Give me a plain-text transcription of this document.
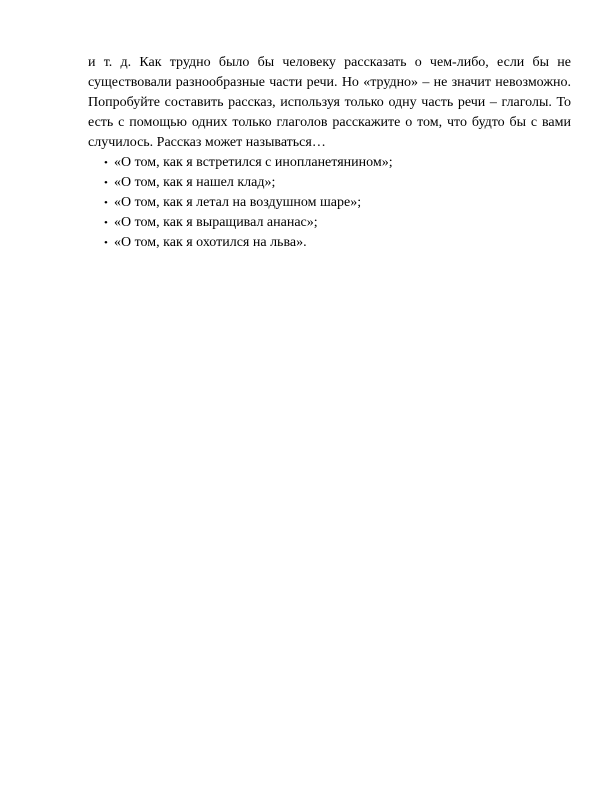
и т. д. Как трудно было бы человеку рассказать о чем-либо, если бы не существовали разнообразные части речи. Но «трудно» – не значит невозможно. Попробуйте составить рассказ, используя только одну часть речи – глаголы. То есть с помощью одних только глаголов расскажите о том, что будто бы с вами случилось. Рассказ может называться…

• «О том, как я встретился с инопланетянином»;
• «О том, как я нашел клад»;
• «О том, как я летал на воздушном шаре»;
• «О том, как я выращивал ананас»;
• «О том, как я охотился на льва».
